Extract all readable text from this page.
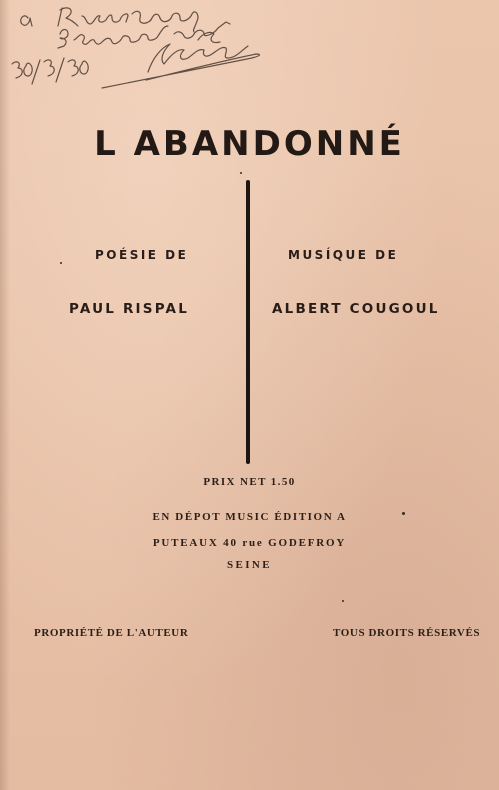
L ABANDONNÉ
POÉSIE DE	MUSÍQUE DE
PAUL RISPAL	ALBERT COUGOUL
PRIX NET 1.50
EN DÉPOT MUSIC ÉDITION A
PUTEAUX 40 rue GODEFROY
SEINE
PROPRIÉTÉ DE L'AUTEUR	TOUS DROITS RÉSERVÉS
